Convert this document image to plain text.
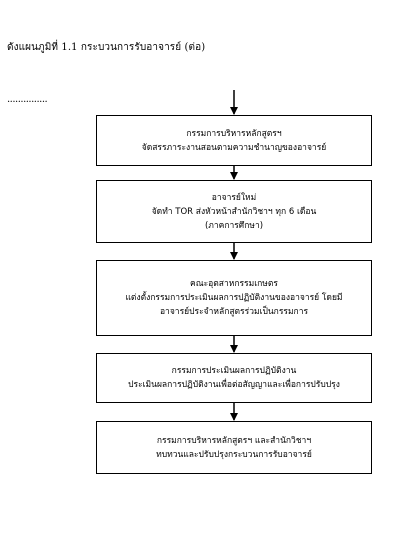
ดังแผนภูมิที่ 1.1 กระบวนการรับอาจารย์ (ต่อ)
...............
กรรมการบริหารหลักสูตรฯ
จัดสรรภาระงานสอนตามความชำนาญของอาจารย์
อาจารย์ใหม่
จัดทำ TOR ส่งหัวหน้าสำนักวิชาฯ ทุก 6 เดือน
(ภาคการศึกษา)
คณะอุตสาหกรรมเกษตร
แต่งตั้งกรรมการประเมินผลการปฏิบัติงานของอาจารย์ โดยมี
อาจารย์ประจำหลักสูตรร่วมเป็นกรรมการ
กรรมการประเมินผลการปฏิบัติงาน
ประเมินผลการปฏิบัติงานเพื่อต่อสัญญาและเพื่อการปรับปรุง
กรรมการบริหารหลักสูตรฯ และสำนักวิชาฯ
ทบทวนและปรับปรุงกระบวนการรับอาจารย์
